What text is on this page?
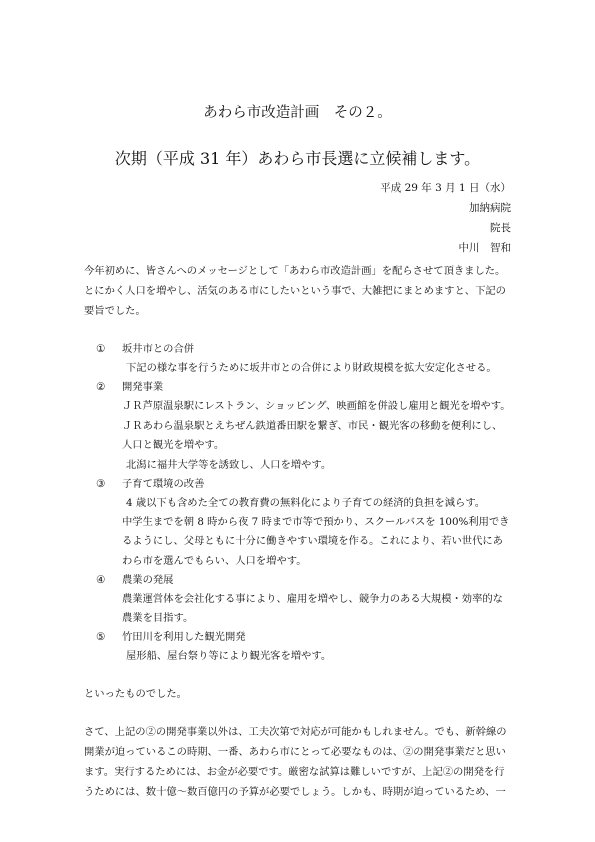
あわら市改造計画　その２。
次期（平成 31 年）あわら市長選に立候補します。
平成 29 年 3 月 1 日（水）
加納病院
院長
中川　智和
今年初めに、皆さんへのメッセージとして「あわら市改造計画」を配らさせて頂きました。
とにかく人口を増やし、活気のある市にしたいという事で、大雑把にまとめますと、下記の
要旨でした。
① 坂井市との合併
下記の様な事を行うために坂井市との合併により財政規模を拡大安定化させる。
② 開発事業
ＪＲ芦原温泉駅にレストラン、ショッピング、映画館を併設し雇用と観光を増やす。
ＪＲあわら温泉駅とえちぜん鉄道番田駅を繋ぎ、市民・観光客の移動を便利にし、
人口と観光を増やす。
北潟に福井大学等を誘致し、人口を増やす。
③ 子育て環境の改善
4 歳以下も含めた全ての教育費の無料化により子育ての経済的負担を減らす。
中学生までを朝 8 時から夜 7 時まで市等で預かり、スクールバスを 100%利用でき
るようにし、父母ともに十分に働きやすい環境を作る。これにより、若い世代にあ
わら市を選んでもらい、人口を増やす。
④ 農業の発展
農業運営体を会社化する事により、雇用を増やし、競争力のある大規模・効率的な
農業を目指す。
⑤ 竹田川を利用した観光開発
屋形船、屋台祭り等により観光客を増やす。
といったものでした。
さて、上記の②の開発事業以外は、工夫次第で対応が可能かもしれません。でも、新幹線の
開業が迫っているこの時期、一番、あわら市にとって必要なものは、②の開発事業だと思い
ます。実行するためには、お金が必要です。厳密な試算は難しいですが、上記②の開発を行
うためには、数十億～数百億円の予算が必要でしょう。しかも、時期が迫っているため、一
